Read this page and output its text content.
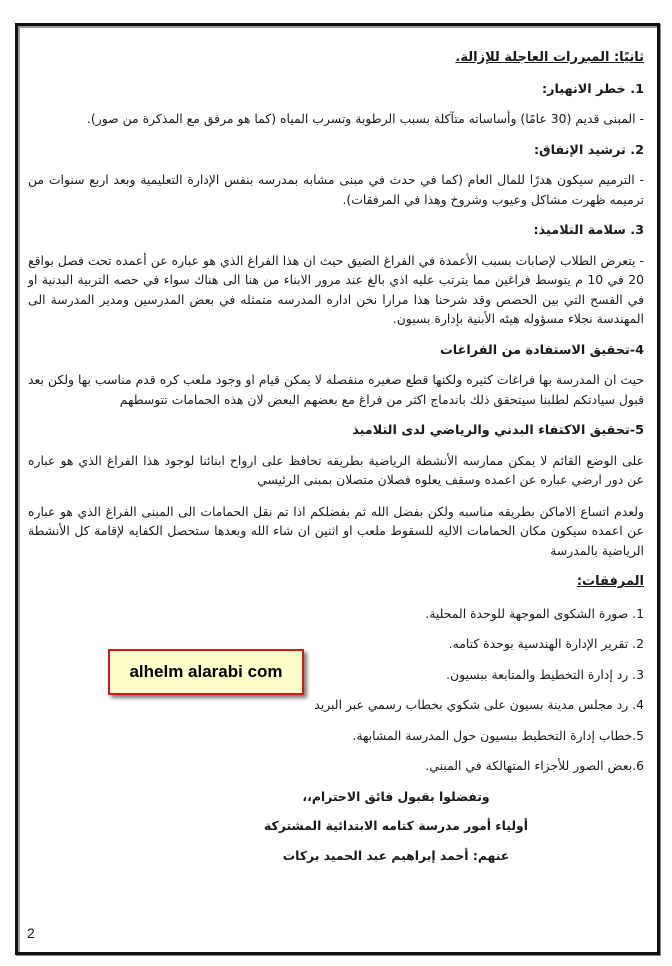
ثانيًا: المبررات العاجلة للإزالة.

1. خطر الانهيار:

- المبنى قديم (30 عامًا) وأساساته متآكلة بسبب الرطوبة وتسرب المياه (كما هو مرفق مع المذكرة من صور).

2. ترشيد الإنفاق:

- الترميم سيكون هدرًا للمال العام (كما في حدث في مبنى مشابه بمدرسه بنفس الإدارة التعليمية وبعد اربع سنوات من ترميمه ظهرت مشاكل وعيوب وشروخ وهذا في المرفقات).

3. سلامة التلاميذ:

- يتعرض الطلاب لإصابات بسبب الأعمدة في الفراغ الضيق حيث ان هذا الفراغ الذي هو عباره عن أعمده تحت فصل بواقع 20 في 10 م يتوسط فراغين مما يترتب عليه اذي بالغ عند مرور الابناء من هنا الى هناك سواء في حصه التربية البدنية او في الفسح التي بين الحصص وقد شرحنا هذا مرارا نحن اداره المدرسه متمثله في بعض المدرسين ومدير المدرسة الى المهندسة نجلاء مسؤوله هيئه الأبنية بإدارة بسيون.

4-تحقيق الاستفادة من الفراغات

حيث ان المدرسة بها فراغات كثيره ولكنها قطع صغيره منفصله لا يمكن قيام او وجود ملعب كره قدم مناسب بها ولكن بعد قبول سيادتكم لطلبنا سيتحقق ذلك باندماج اكثر من فراغ مع بعضهم البعض لان هذه الحمامات تتوسطهم

5-تحقيق الاكتفاء البدني والرياضي لدى التلاميذ

على الوضع القائم لا يمكن ممارسه الأنشطة الرياضية بطريقه تحافظ على ارواح ابنائنا لوجود هذا الفراغ الذي هو عباره عن دور ارضي عباره عن اعمده وسقف يعلوه فصلان متصلان بمبنى الرئيسي

ولعدم اتساع الاماكن بطريقه مناسبه ولكن بفضل الله ثم بفضلكم اذا تم نقل الحمامات الى المبنى الفراغ الذي هو عباره عن اعمده سيكون مكان الحمامات الاليه للسقوط ملعب او اثنين ان شاء الله وبعدها ستحصل الكفايه لإقامة كل الأنشطة الرياضية بالمدرسة

المرفقات:

1. صورة الشكوى الموجهة للوحدة المحلية.

2. تقرير الإدارة الهندسية بوحدة كتامه.

3. رد إدارة التخطيط والمتابعة ببسيون.

4. رد مجلس مدينة بسيون على شكوي بخطاب رسمي عبر البريد

5.خطاب إدارة التخطيط ببسيون حول المدرسة المشابهة.

6.بعض الصور للأجزاء المتهالكة في المبني.

وتفضلوا بقبول فائق الاحترام،،

أولياء أمور مدرسة كتامه الابتدائية المشتركة

عنهم: أحمد إبراهيم عبد الحميد بركات

alhelm alarabi com
2
